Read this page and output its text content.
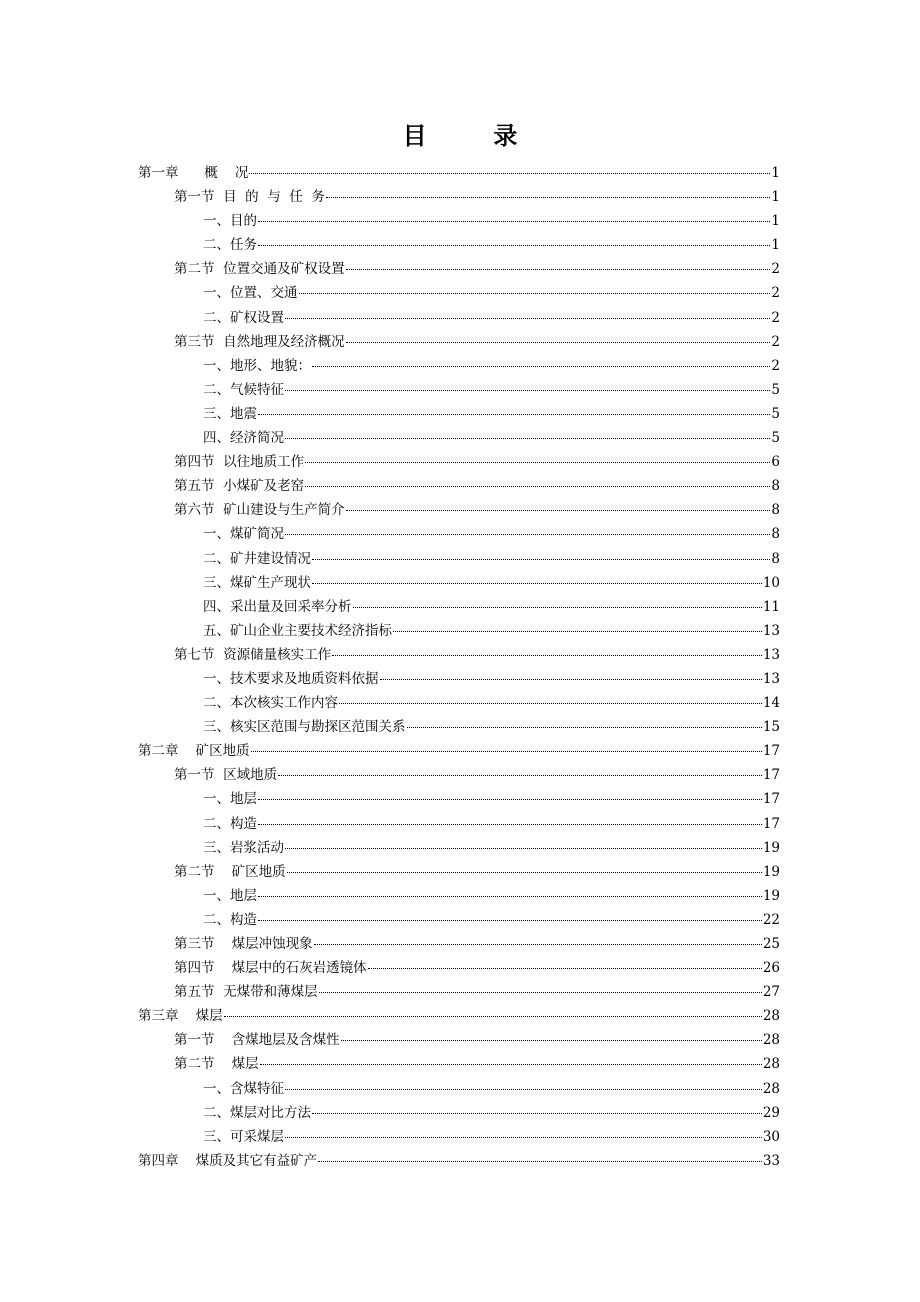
目        录
第一章      概    况	1
第一节  目  的  与  任  务	1
一、目的	1
二、任务	1
第二节  位置交通及矿权设置	2
一、位置、交通	2
二、矿权设置	2
第三节  自然地理及经济概况	2
一、地形、地貌：	2
二、气候特征	5
三、地震	5
四、经济简况	5
第四节  以往地质工作	6
第五节  小煤矿及老窑	8
第六节  矿山建设与生产简介	8
一、煤矿简况	8
二、矿井建设情况	8
三、煤矿生产现状	10
四、采出量及回采率分析	11
五、矿山企业主要技术经济指标	13
第七节  资源储量核实工作	13
一、技术要求及地质资料依据	13
二、本次核实工作内容	14
三、核实区范围与勘探区范围关系	15
第二章    矿区地质	17
第一节  区域地质	17
一、地层	17
二、构造	17
三、岩浆活动	19
第二节    矿区地质	19
一、地层	19
二、构造	22
第三节    煤层冲蚀现象	25
第四节    煤层中的石灰岩透镜体	26
第五节  无煤带和薄煤层	27
第三章    煤层	28
第一节    含煤地层及含煤性	28
第二节    煤层	28
一、含煤特征	28
二、煤层对比方法	29
三、可采煤层	30
第四章    煤质及其它有益矿产	33
